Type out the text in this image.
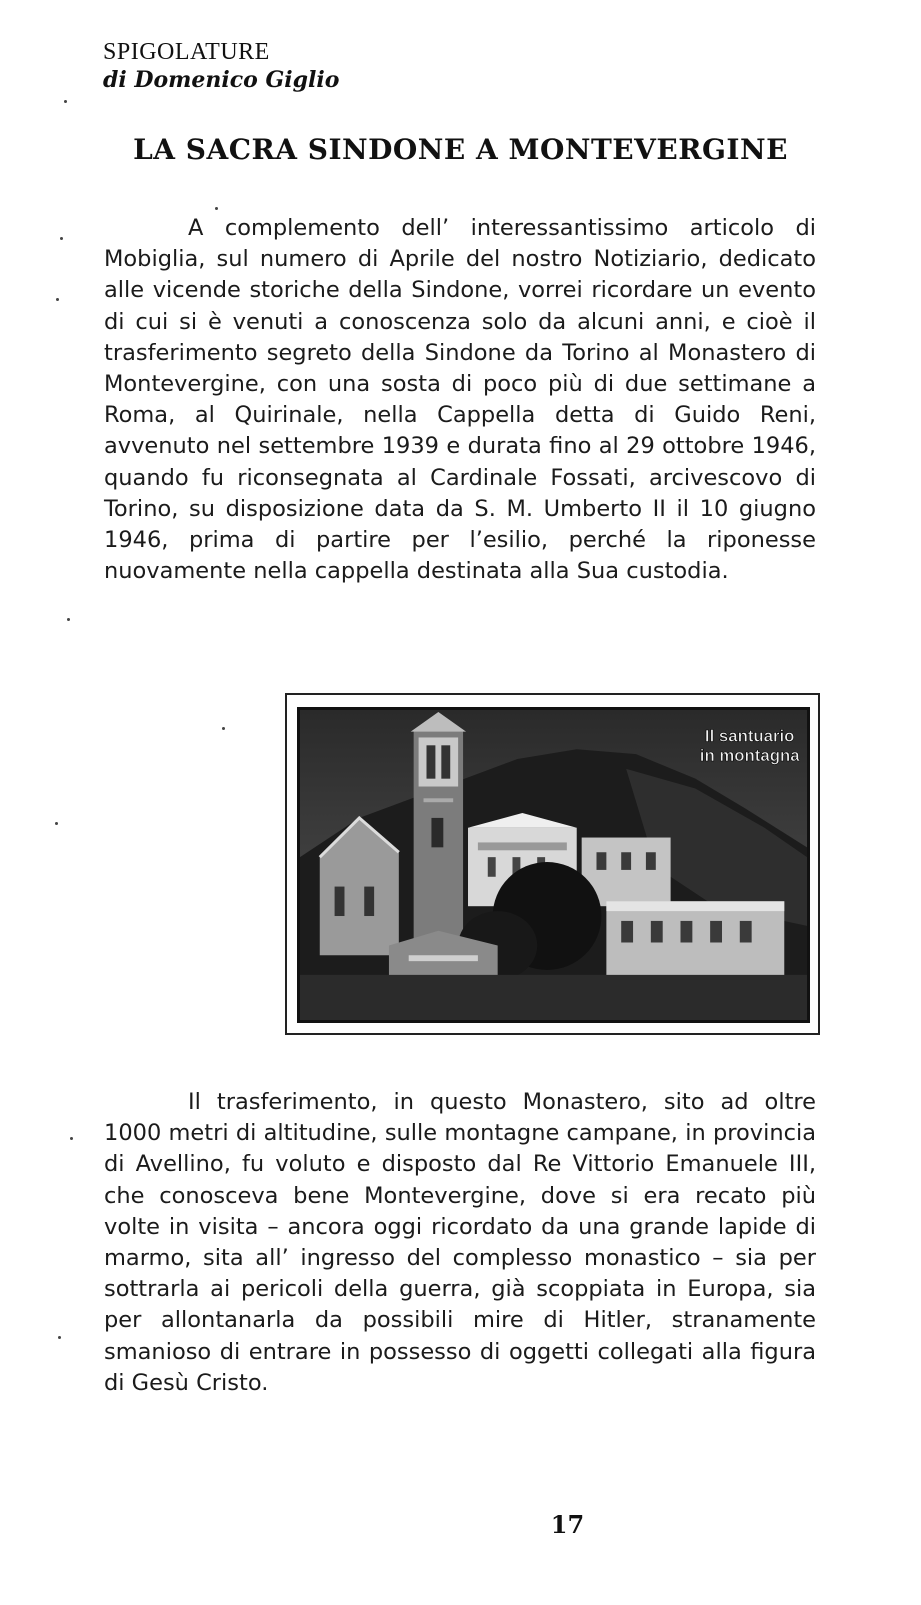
SPIGOLATURE
di Domenico Giglio
LA SACRA SINDONE A MONTEVERGINE

A complemento dell’ interessantissimo articolo di Mobiglia, sul numero di Aprile del nostro Notiziario, dedicato alle vicende storiche della Sindone, vorrei ricordare un evento di cui si è venuti a conoscenza solo da alcuni anni, e cioè il trasferimento segreto della Sindone da Torino al Monastero di Montevergine, con una sosta di poco più di due settimane a Roma, al Quirinale, nella Cappella detta di Guido Reni, avvenuto nel settembre 1939 e durata fino al 29 ottobre 1946, quando fu riconsegnata al Cardinale Fossati, arcivescovo di Torino, su disposizione data da S. M. Umberto II il 10 giugno 1946, prima di partire per l’esilio, perché la riponesse nuovamente nella cappella destinata alla Sua custodia.

Il santuario
in montagna

Il trasferimento, in questo Monastero, sito ad oltre 1000 metri di altitudine, sulle montagne campane, in provincia di Avellino, fu voluto e disposto dal Re Vittorio Emanuele III, che conosceva bene Montevergine, dove si era recato più volte in visita – ancora oggi ricordato da una grande lapide di marmo, sita all’ ingresso del complesso monastico – sia per sottrarla ai pericoli della guerra, già scoppiata in Europa, sia per allontanarla da possibili mire di Hitler, stranamente smanioso di entrare in possesso di oggetti collegati alla figura di Gesù Cristo.

17
